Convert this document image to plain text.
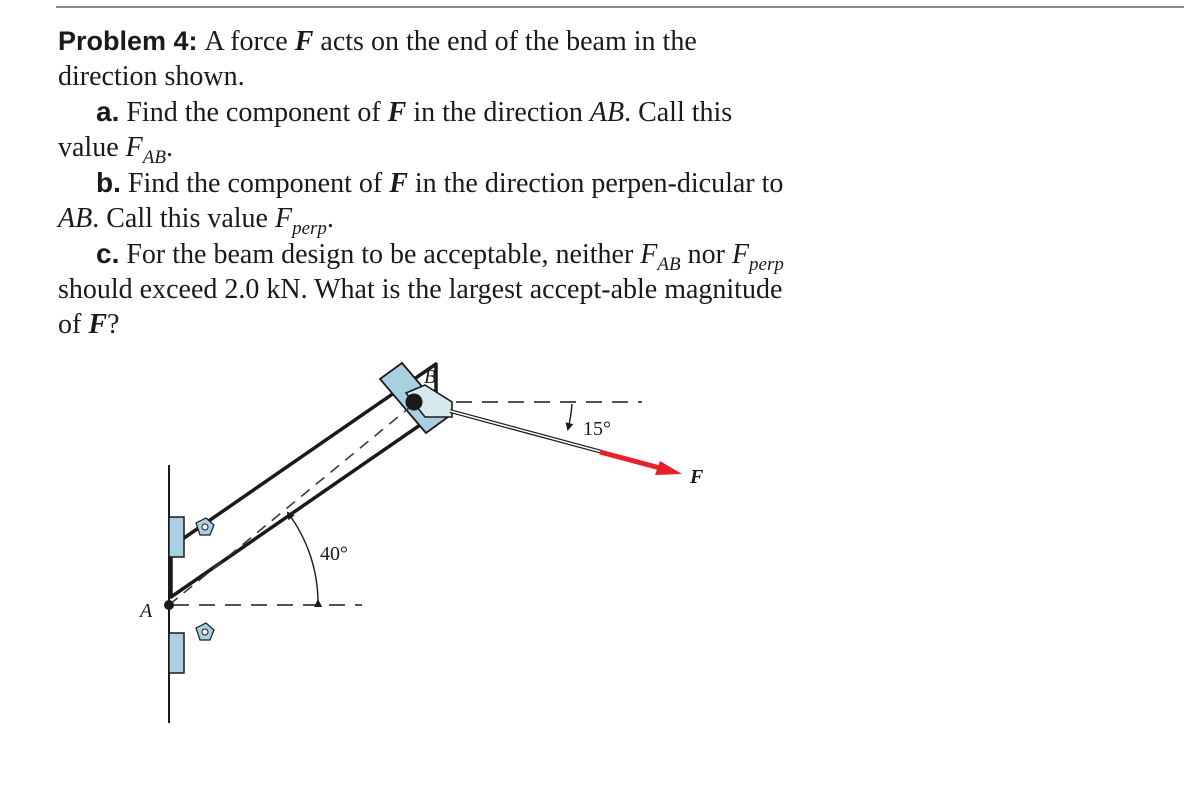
Problem 4: A force F acts on the end of the beam in the direction shown.

a. Find the component of F in the direction AB. Call this value $F_{AB}$.

b. Find the component of F in the direction perpen-dicular to AB. Call this value $F_{perp}$.

c. For the beam design to be acceptable, neither $F_{AB}$ nor $F_{perp}$ should exceed 2.0 kN. What is the largest accept-able magnitude of F?

A
B
F
40°
15°
